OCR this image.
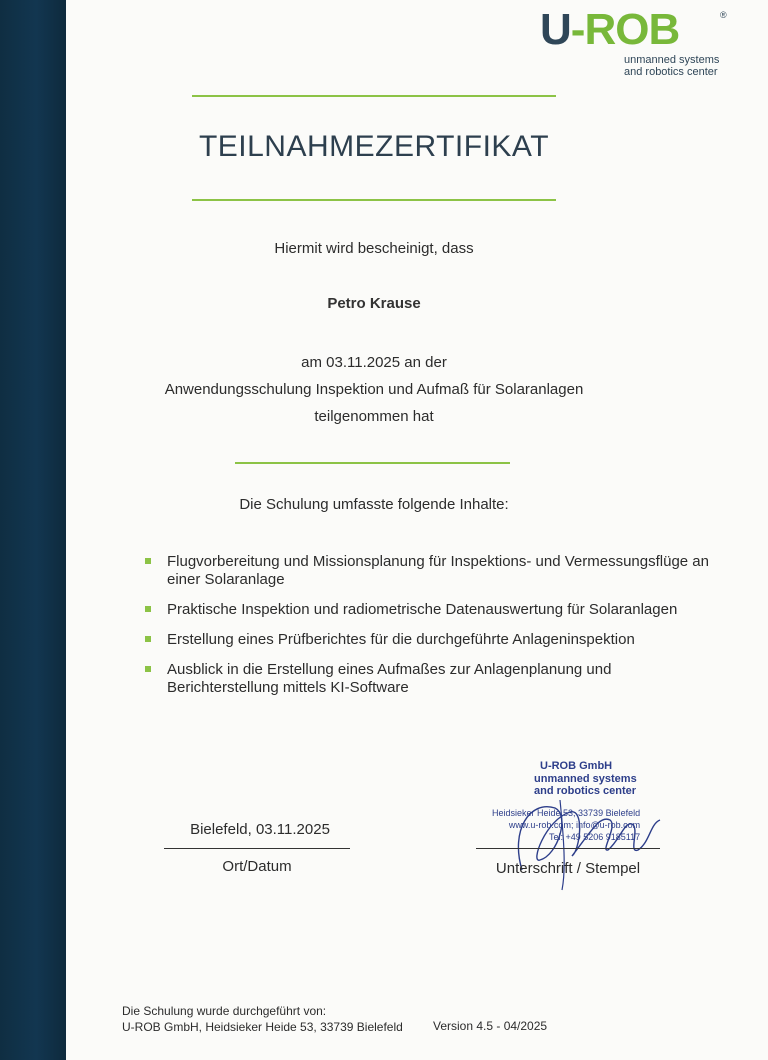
U-ROB	®
unmanned systems
and robotics center
TEILNAHMEZERTIFIKAT
Hiermit wird bescheinigt, dass
Petro Krause
am 03.11.2025 an der
Anwendungsschulung Inspektion und Aufmaß für Solaranlagen
teilgenommen hat
Die Schulung umfasste folgende Inhalte:
Flugvorbereitung und Missionsplanung für Inspektions- und Vermessungsflüge an einer Solaranlage
Praktische Inspektion und radiometrische Datenauswertung für Solaranlagen
Erstellung eines Prüfberichtes für die durchgeführte Anlageninspektion
Ausblick in die Erstellung eines Aufmaßes zur Anlagenplanung und Berichterstellung mittels KI-Software
Bielefeld, 03.11.2025
Ort/Datum
U-ROB GmbH
unmanned systems
and robotics center
Heidsieker Heide 53, 33739 Bielefeld
www.u-rob.com; info@u-rob.com
Tel: +49 5206 9185117
Unterschrift / Stempel
Die Schulung wurde durchgeführt von:
U-ROB GmbH, Heidsieker Heide 53, 33739 Bielefeld	Version 4.5 - 04/2025
